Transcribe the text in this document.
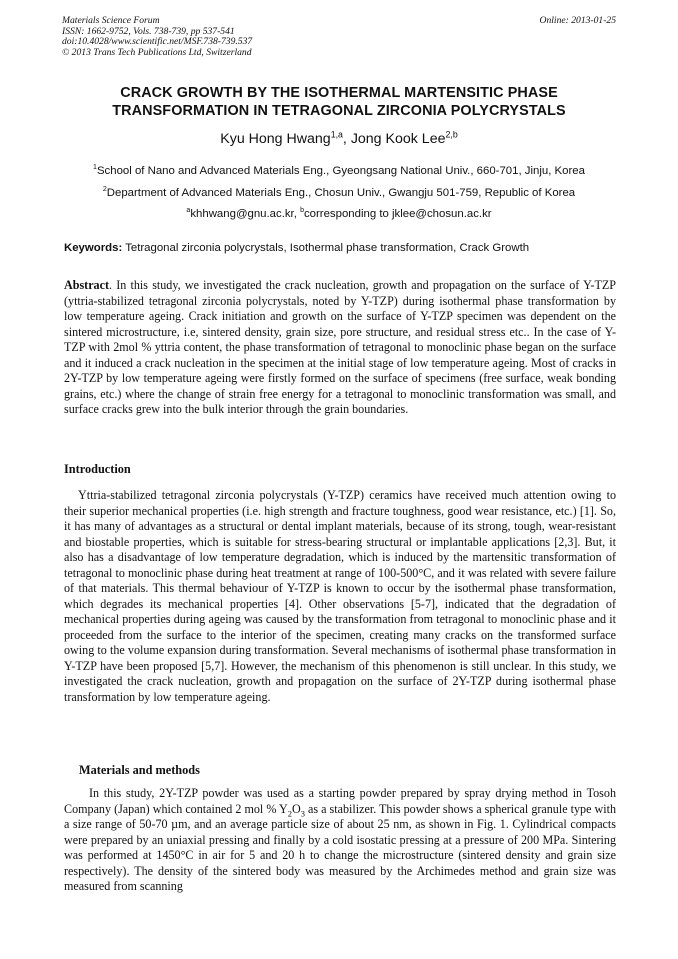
Materials Science Forum
ISSN: 1662-9752, Vols. 738-739, pp 537-541
doi:10.4028/www.scientific.net/MSF.738-739.537
© 2013 Trans Tech Publications Ltd, Switzerland
Online: 2013-01-25
CRACK GROWTH BY THE ISOTHERMAL MARTENSITIC PHASE
TRANSFORMATION IN TETRAGONAL ZIRCONIA POLYCRYSTALS
Kyu Hong Hwang$^{1,a}$, Jong Kook Lee$^{2,b}$
$^1$School of Nano and Advanced Materials Eng., Gyeongsang National Univ., 660-701, Jinju, Korea
$^2$Department of Advanced Materials Eng., Chosun Univ., Gwangju 501-759, Republic of Korea
$^a$khhwang@gnu.ac.kr, $^b$corresponding to jklee@chosun.ac.kr
Keywords: Tetragonal zirconia polycrystals, Isothermal phase transformation, Crack Growth
Abstract. In this study, we investigated the crack nucleation, growth and propagation on the surface of Y-TZP (yttria-stabilized tetragonal zirconia polycrystals, noted by Y-TZP) during isothermal phase transformation by low temperature ageing. Crack initiation and growth on the surface of Y-TZP specimen was dependent on the sintered microstructure, i.e, sintered density, grain size, pore structure, and residual stress etc.. In the case of Y-TZP with 2mol % yttria content, the phase transformation of tetragonal to monoclinic phase began on the surface and it induced a crack nucleation in the specimen at the initial stage of low temperature ageing. Most of cracks in 2Y-TZP by low temperature ageing were firstly formed on the surface of specimens (free surface, weak bonding grains, etc.) where the change of strain free energy for a tetragonal to monoclinic transformation was small, and surface cracks grew into the bulk interior through the grain boundaries.
Introduction
Yttria-stabilized tetragonal zirconia polycrystals (Y-TZP) ceramics have received much attention owing to their superior mechanical properties (i.e. high strength and fracture toughness, good wear resistance, etc.) [1]. So, it has many of advantages as a structural or dental implant materials, because of its strong, tough, wear-resistant and biostable properties, which is suitable for stress-bearing structural or implantable applications [2,3]. But, it also has a disadvantage of low temperature degradation, which is induced by the martensitic transformation of tetragonal to monoclinic phase during heat treatment at range of 100-500°C, and it was related with severe failure of that materials. This thermal behaviour of Y-TZP is known to occur by the isothermal phase transformation, which degrades its mechanical properties [4]. Other observations [5-7], indicated that the degradation of mechanical properties during ageing was caused by the transformation from tetragonal to monoclinic phase and it proceeded from the surface to the interior of the specimen, creating many cracks on the transformed surface owing to the volume expansion during transformation. Several mechanisms of isothermal phase transformation in Y-TZP have been proposed [5,7]. However, the mechanism of this phenomenon is still unclear. In this study, we investigated the crack nucleation, growth and propagation on the surface of 2Y-TZP during isothermal phase transformation by low temperature ageing.
Materials and methods
In this study, 2Y-TZP powder was used as a starting powder prepared by spray drying method in Tosoh Company (Japan) which contained 2 mol % $Y_2O_3$ as a stabilizer. This powder shows a spherical granule type with a size range of 50-70 µm, and an average particle size of about 25 nm, as shown in Fig. 1. Cylindrical compacts were prepared by an uniaxial pressing and finally by a cold isostatic pressing at a pressure of 200 MPa. Sintering was performed at 1450°C in air for 5 and 20 h to change the microstructure (sintered density and grain size respectively). The density of the sintered body was measured by the Archimedes method and grain size was measured from scanning
